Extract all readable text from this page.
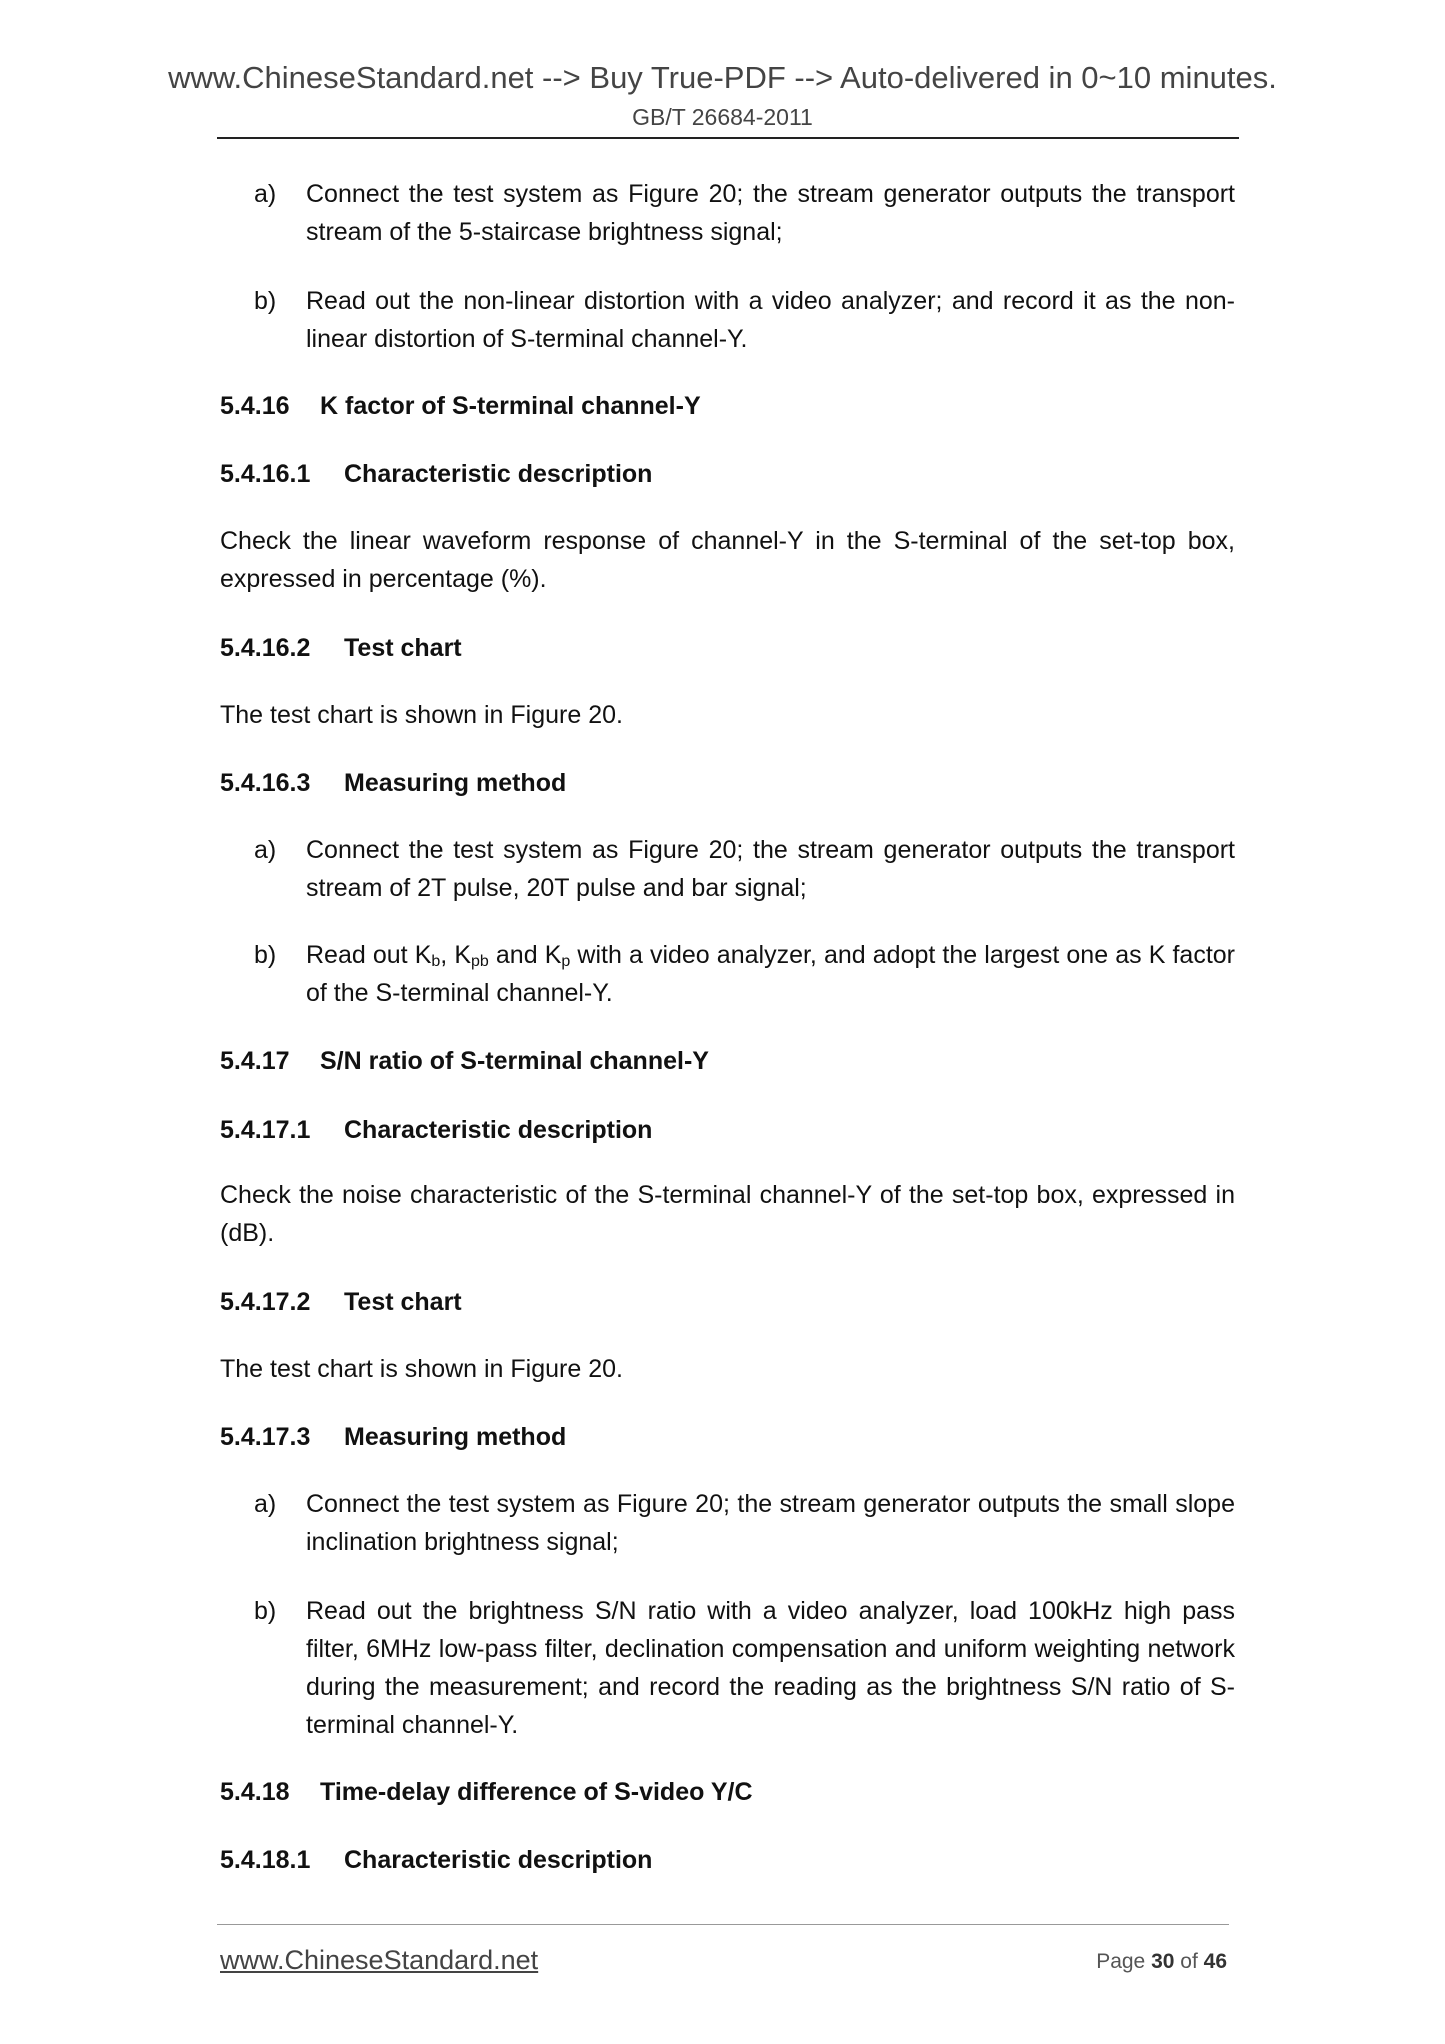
www.ChineseStandard.net --> Buy True-PDF --> Auto-delivered in 0~10 minutes.
GB/T 26684-2011
a) Connect the test system as Figure 20; the stream generator outputs the transport stream of the 5-staircase brightness signal;
b) Read out the non-linear distortion with a video analyzer; and record it as the non-linear distortion of S-terminal channel-Y.
5.4.16 K factor of S-terminal channel-Y
5.4.16.1 Characteristic description
Check the linear waveform response of channel-Y in the S-terminal of the set-top box, expressed in percentage (%).
5.4.16.2 Test chart
The test chart is shown in Figure 20.
5.4.16.3 Measuring method
a) Connect the test system as Figure 20; the stream generator outputs the transport stream of 2T pulse, 20T pulse and bar signal;
b) Read out $K_b$, $K_{pb}$ and $K_p$ with a video analyzer, and adopt the largest one as K factor of the S-terminal channel-Y.
5.4.17 S/N ratio of S-terminal channel-Y
5.4.17.1 Characteristic description
Check the noise characteristic of the S-terminal channel-Y of the set-top box, expressed in (dB).
5.4.17.2 Test chart
The test chart is shown in Figure 20.
5.4.17.3 Measuring method
a) Connect the test system as Figure 20; the stream generator outputs the small slope inclination brightness signal;
b) Read out the brightness S/N ratio with a video analyzer, load 100kHz high pass filter, 6MHz low-pass filter, declination compensation and uniform weighting network during the measurement; and record the reading as the brightness S/N ratio of S-terminal channel-Y.
5.4.18 Time-delay difference of S-video Y/C
5.4.18.1 Characteristic description
www.ChineseStandard.net	Page 30 of 46
